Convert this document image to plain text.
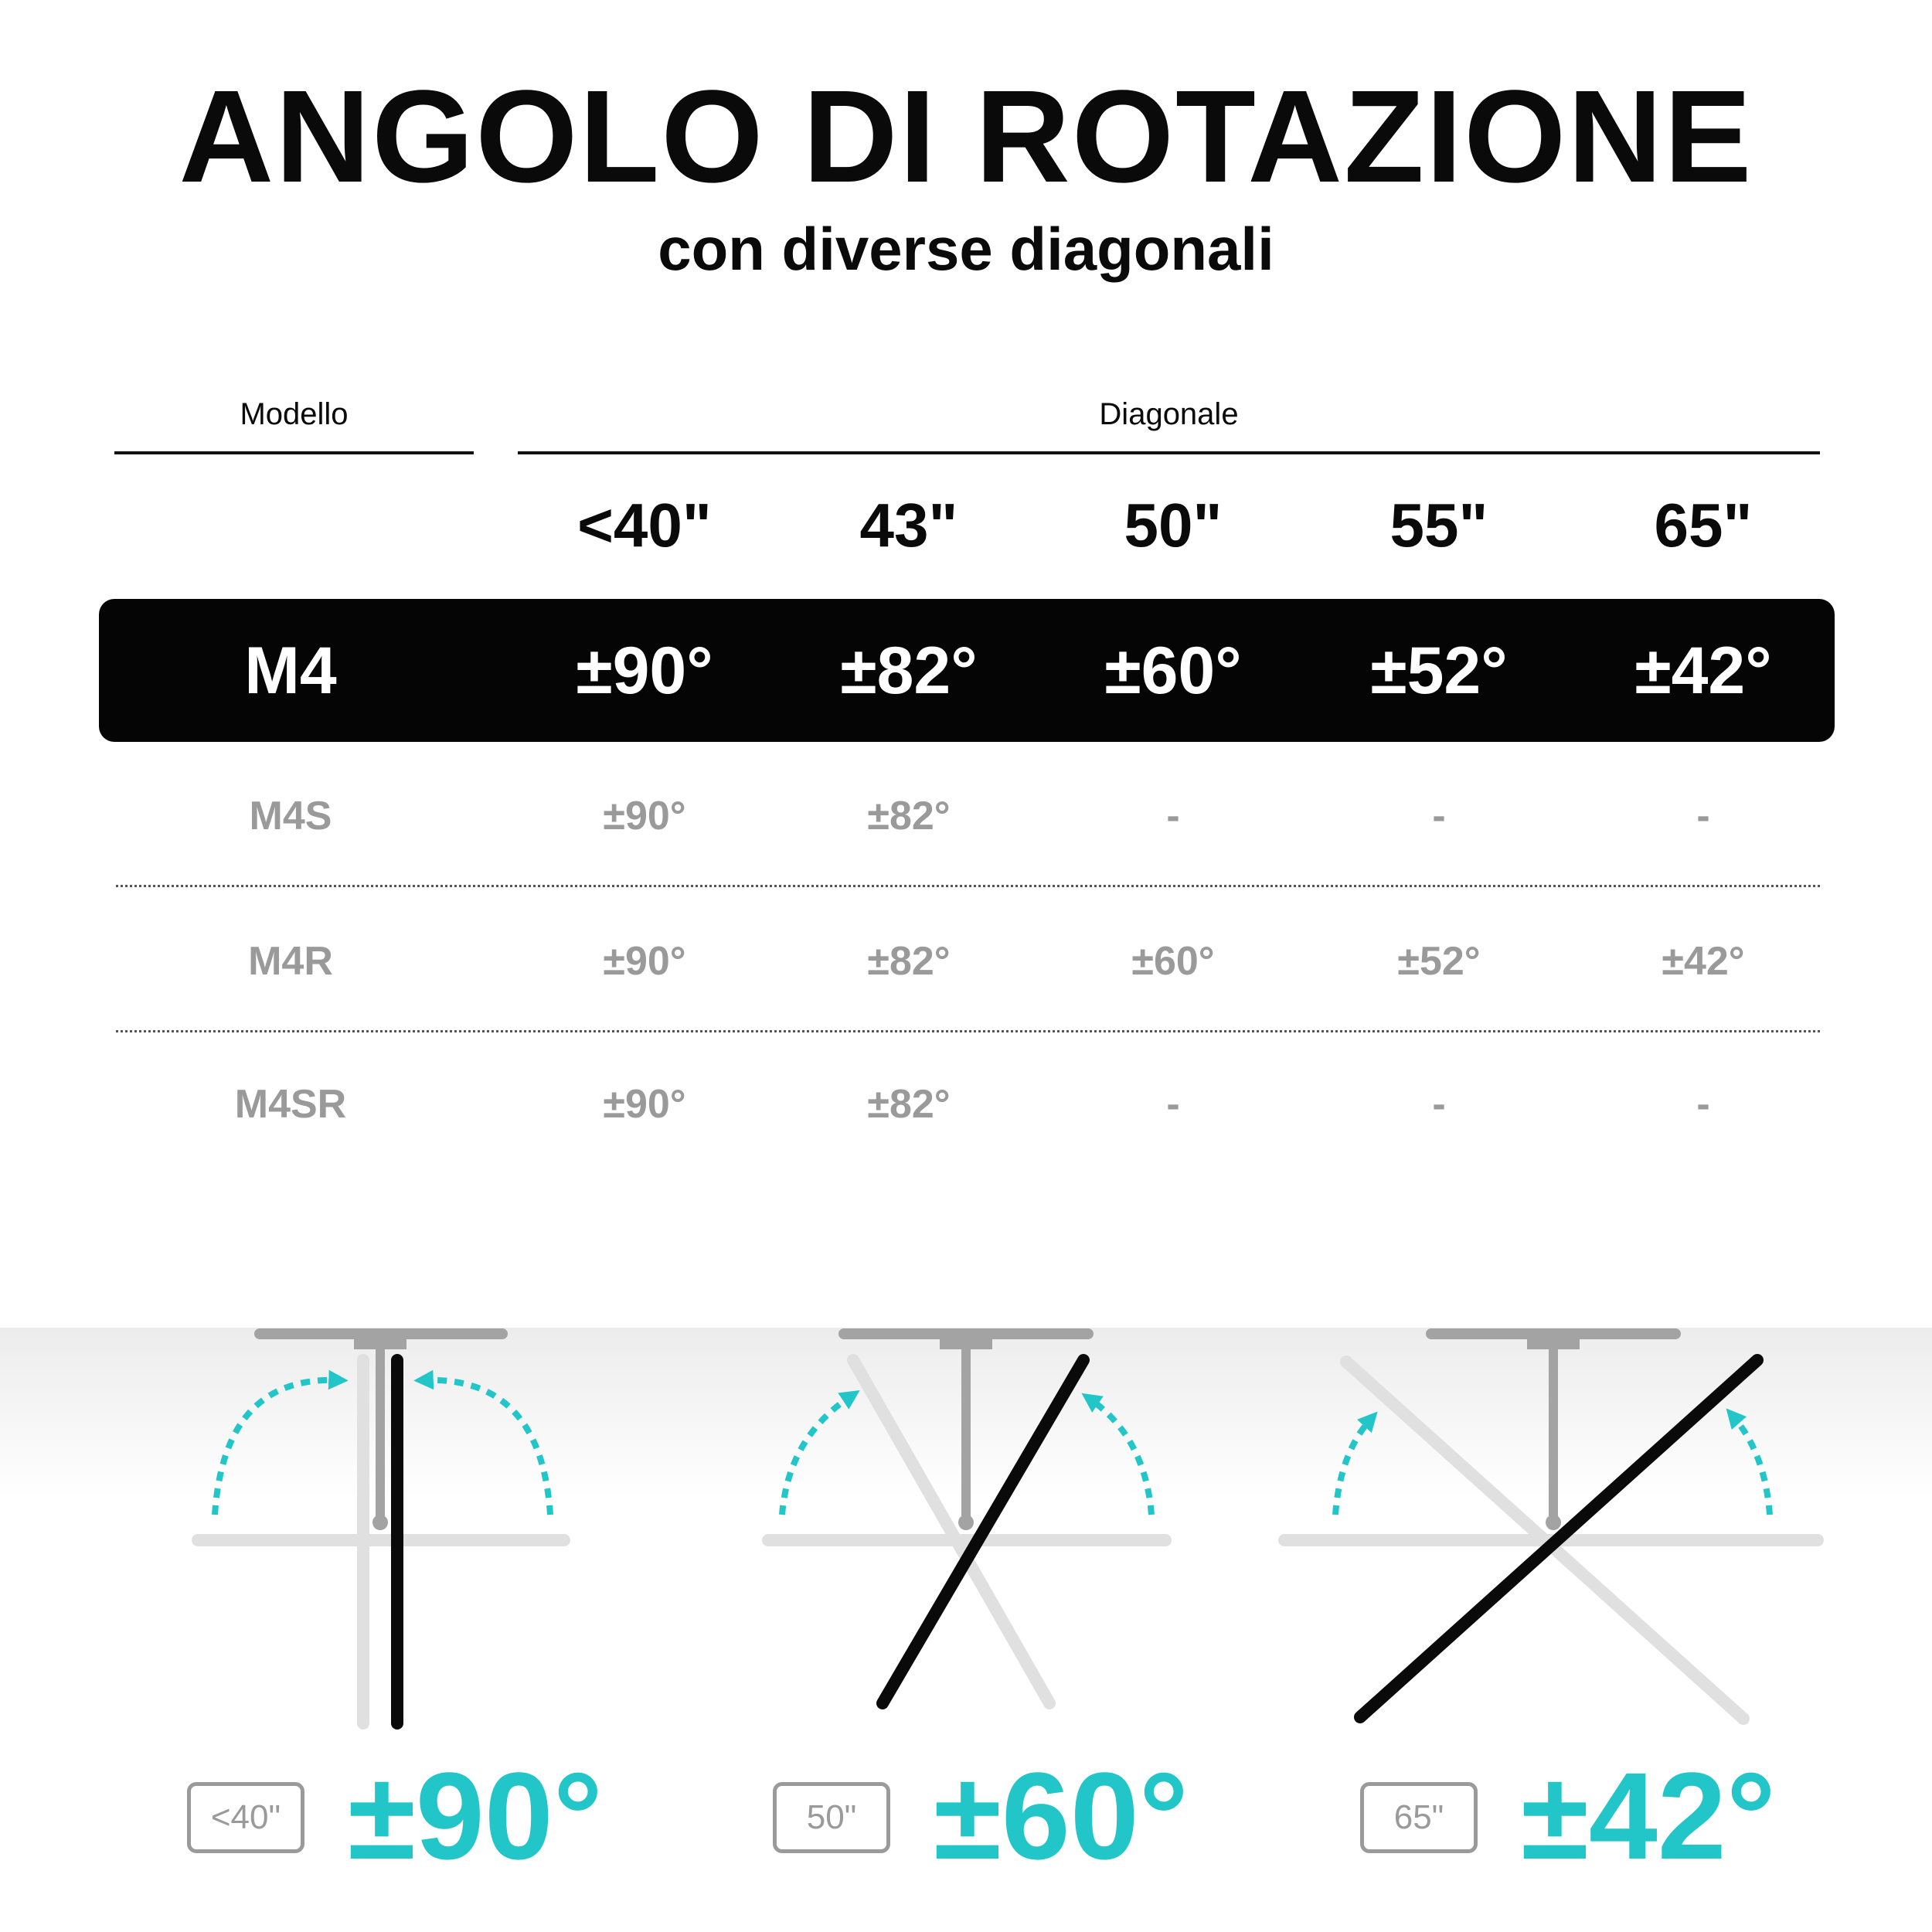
ANGOLO DI ROTAZIONE
con diverse diagonali
Modello	Diagonale
<40"	43"	50"	55"	65"
M4	±90°	±82°	±60°	±52°	±42°
M4S	±90°	±82°	-	-	-
M4R	±90°	±82°	±60°	±52°	±42°
M4SR	±90°	±82°	-	-	-
<40" ±90°	50" ±60°	65" ±42°
